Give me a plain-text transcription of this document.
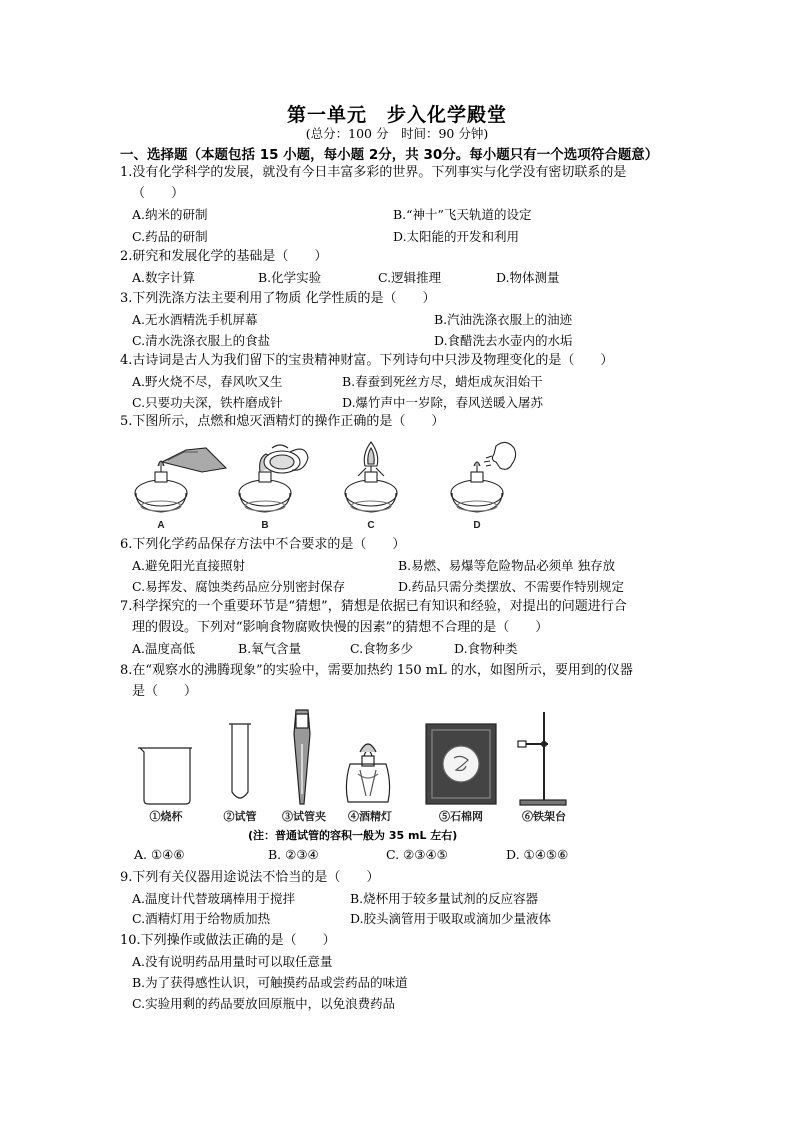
第一单元　步入化学殿堂
(总分：100 分　时间：90 分钟)
一、选择题（本题包括 15 小题，每小题 2分，共 30分。每小题只有一个选项符合题意）
1.没有化学科学的发展，就没有今日丰富多彩的世界。下列事实与化学没有密切联系的是
（　　）
A.纳米的研制	B.“神十”飞天轨道的设定
C.药品的研制	D.太阳能的开发和利用
2.研究和发展化学的基础是（　　）
A.数字计算	B.化学实验	C.逻辑推理	D.物体测量
3.下列洗涤方法主要利用了物质 化学性质的是（　　）
A.无水酒精洗手机屏幕	B.汽油洗涤衣服上的油迹
C.清水洗涤衣服上的食盐	D.食醋洗去水壶内的水垢
4.古诗词是古人为我们留下的宝贵精神财富。下列诗句中只涉及物理变化的是（　　）
A.野火烧不尽，春风吹又生	B.春蚕到死丝方尽，蜡炬成灰泪始干
C.只要功夫深，铁杵磨成针	D.爆竹声中一岁除，春风送暖入屠苏
5.下图所示，点燃和熄灭酒精灯的操作正确的是（　　）
A	B	C	D
6.下列化学药品保存方法中不合要求的是（　　）
A.避免阳光直接照射	B.易燃、易爆等危险物品必须单 独存放
C.易挥发、腐蚀类药品应分别密封保存	D.药品只需分类摆放、不需要作特别规定
7.科学探究的一个重要环节是“猜想”，猜想是依据已有知识和经验，对提出的问题进行合
理的假设。下列对“影响食物腐败快慢的因素”的猜想不合理的是（　　）
A.温度高低	B.氧气含量	C.食物多少	D.食物种类
8.在“观察水的沸腾现象”的实验中，需要加热约 150 mL 的水，如图所示，要用到的仪器
是（　　）
①烧杯	②试管 ③试管夹 ④酒精灯	⑤石棉网	⑥铁架台
(注：普通试管的容积一般为 35 mL 左右)
A. ①④⑥	B. ②③④	C. ②③④⑤	D. ①④⑤⑥
9.下列有关仪器用途说法不恰当的是（　　）
A.温度计代替玻璃棒用于搅拌	B.烧杯用于较多量试剂的反应容器
C.酒精灯用于给物质加热	D.胶头滴管用于吸取或滴加少量液体
10.下列操作或做法正确的是（　　）
A.没有说明药品用量时可以取任意量
B.为了获得感性认识，可触摸药品或尝药品的味道
C.实验用剩的药品要放回原瓶中，以免浪费药品
